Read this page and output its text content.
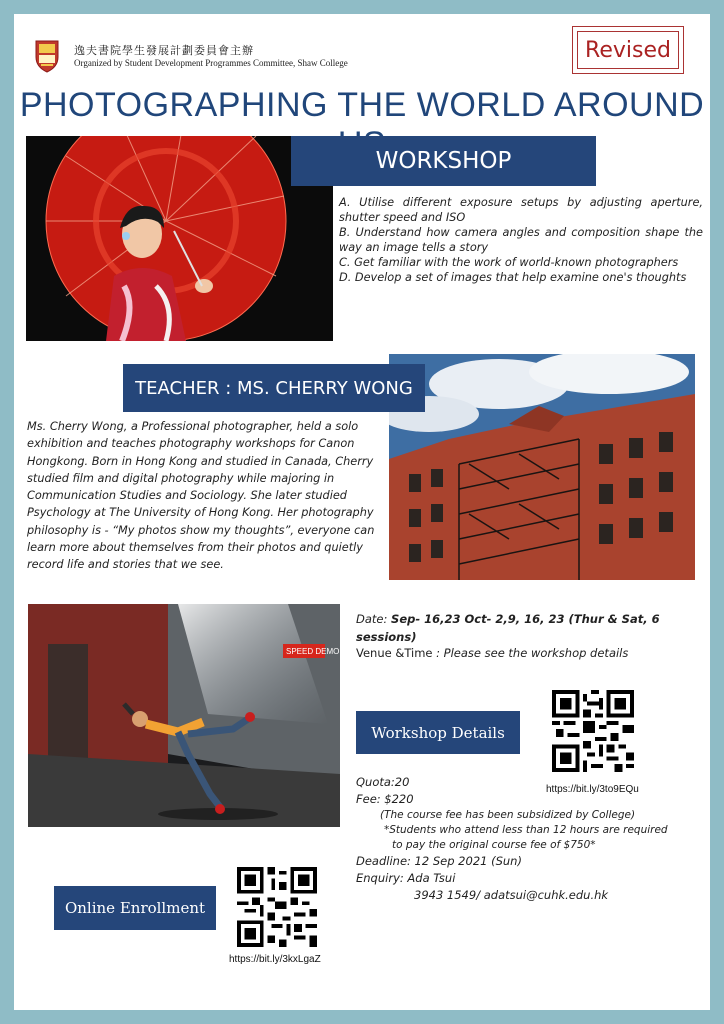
逸夫書院學生發展計劃委員會主辦
Organized by Student Development Programmes Committee, Shaw College
Revised
PHOTOGRAPHING THE WORLD AROUND
WORKSHOP
A. Utilise different exposure setups by adjusting aperture, shutter speed and ISO
B. Understand how camera angles and composition shape the way an image tells a story
C. Get familiar with the work of world-known photographers
D. Develop a set of images that help examine one's thoughts
TEACHER : MS. CHERRY WONG
Ms. Cherry Wong, a Professional photographer, held a solo exhibition and teaches photography workshops for Canon Hongkong. Born in Hong Kong and studied in Canada, Cherry studied film and digital photography while majoring in Communication Studies and Sociology. She later studied Psychology at The University of Hong Kong. Her photography philosophy is - “My photos show my thoughts”, everyone can learn more about themselves from their photos and quietly record life and stories that we see.
SPEED DEMO
Date: Sep- 16,23 Oct- 2,9, 16, 23 (Thur & Sat, 6 sessions)
Venue &Time : Please see the workshop details
Workshop Details
https://bit.ly/3to9EQu
Quota:20
Fee: $220
(The course fee has been subsidized by College)
*Students who attend less than 12 hours are required
to pay the original course fee of $750*
Deadline: 12 Sep 2021 (Sun)
Enquiry: Ada Tsui
3943 1549/ adatsui@cuhk.edu.hk
Online Enrollment
https://bit.ly/3kxLgaZ
